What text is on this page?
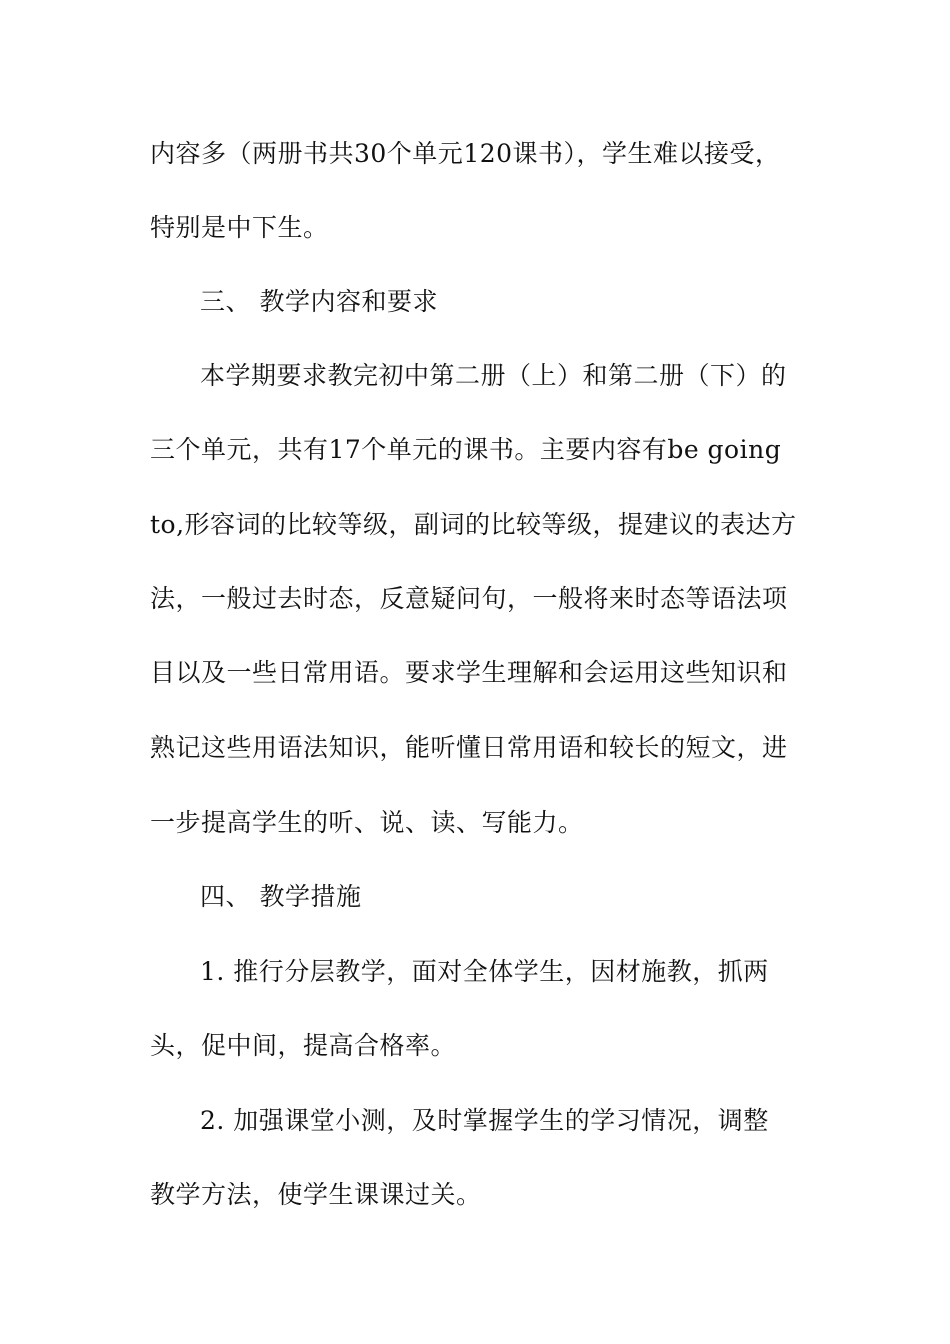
内容多（两册书共30个单元120课书），学生难以接受，
特别是中下生。
三、 教学内容和要求
本学期要求教完初中第二册（上）和第二册（下）的
三个单元，共有17个单元的课书。主要内容有be going
to,形容词的比较等级，副词的比较等级，提建议的表达方
法，一般过去时态，反意疑问句，一般将来时态等语法项
目以及一些日常用语。要求学生理解和会运用这些知识和
熟记这些用语法知识，能听懂日常用语和较长的短文，进
一步提高学生的听、说、读、写能力。
四、 教学措施
1. 推行分层教学，面对全体学生，因材施教，抓两
头，促中间，提高合格率。
2. 加强课堂小测，及时掌握学生的学习情况，调整
教学方法，使学生课课过关。
